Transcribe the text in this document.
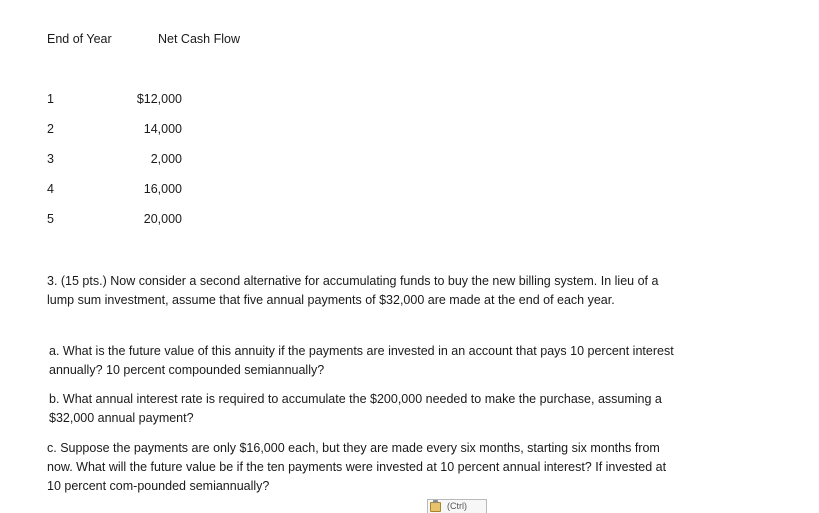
End of Year	Net Cash Flow
1	$12,000
2	14,000
3	2,000
4	16,000
5	20,000
3. (15 pts.) Now consider a second alternative for accumulating funds to buy the new billing system. In lieu of a lump sum investment, assume that five annual payments of $32,000 are made at the end of each year.
a. What is the future value of this annuity if the payments are invested in an account that pays 10 percent interest annually? 10 percent compounded semiannually?
b. What annual interest rate is required to accumulate the $200,000 needed to make the purchase, assuming a $32,000 annual payment?
c. Suppose the payments are only $16,000 each, but they are made every six months, starting six months from now. What will the future value be if the ten payments were invested at 10 percent annual interest? If invested at 10 percent com-pounded semiannually?
(Ctrl)
